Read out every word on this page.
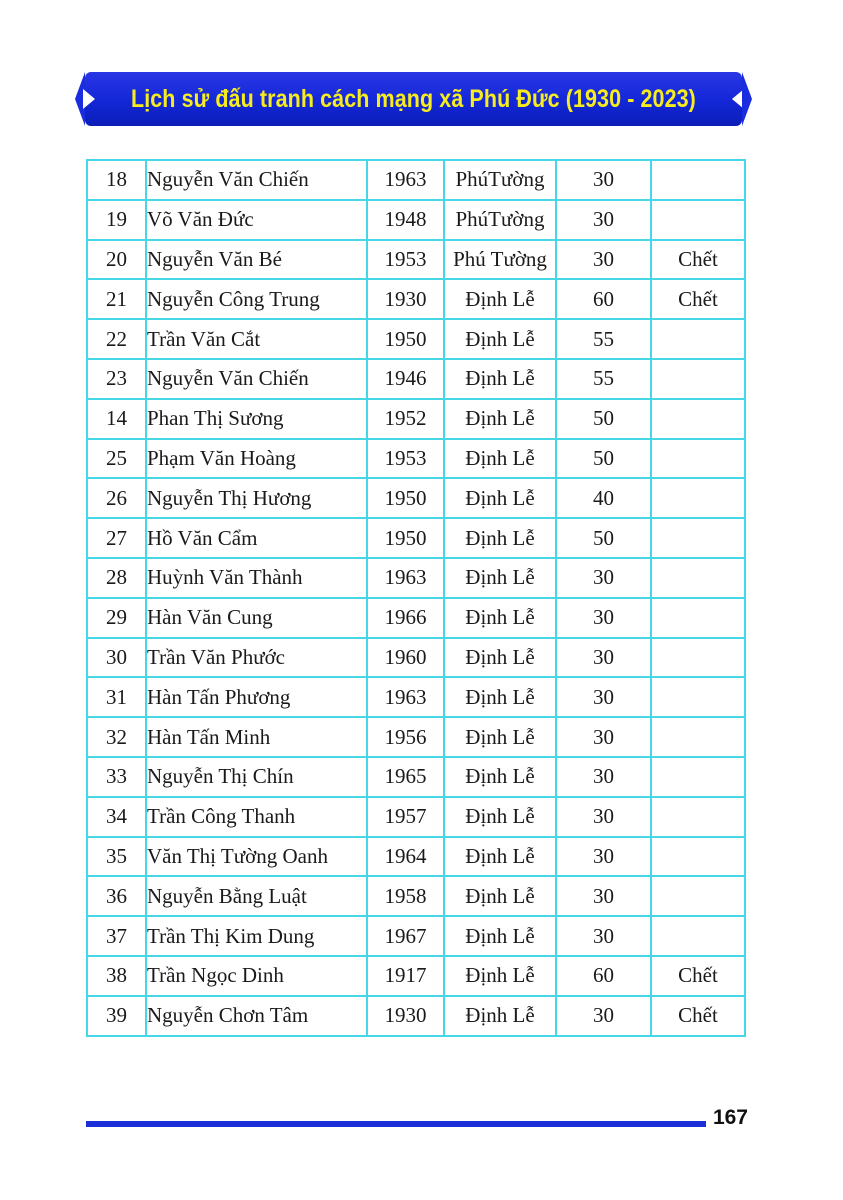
Lịch sử đấu tranh cách mạng xã Phú Đức (1930 - 2023)
18	Nguyễn Văn Chiến	1963	PhúTường	30	
19	Võ Văn Đức	1948	PhúTường	30	
20	Nguyễn Văn Bé	1953	Phú Tường	30	Chết
21	Nguyễn Công Trung	1930	Định Lễ	60	Chết
22	Trần Văn Cắt	1950	Định Lễ	55	
23	Nguyễn Văn Chiến	1946	Định Lễ	55	
14	Phan Thị Sương	1952	Định Lễ	50	
25	Phạm Văn Hoàng	1953	Định Lễ	50	
26	Nguyễn Thị Hương	1950	Định Lễ	40	
27	Hồ Văn Cẩm	1950	Định Lễ	50	
28	Huỳnh Văn Thành	1963	Định Lễ	30	
29	Hàn Văn Cung	1966	Định Lễ	30	
30	Trần Văn Phước	1960	Định Lễ	30	
31	Hàn Tấn Phương	1963	Định Lễ	30	
32	Hàn Tấn Minh	1956	Định Lễ	30	
33	Nguyễn Thị Chín	1965	Định Lễ	30	
34	Trần Công Thanh	1957	Định Lễ	30	
35	Văn Thị Tường Oanh	1964	Định Lễ	30	
36	Nguyễn Bằng Luật	1958	Định Lễ	30	
37	Trần Thị Kim Dung	1967	Định Lễ	30	
38	Trần Ngọc Dinh	1917	Định Lễ	60	Chết
39	Nguyễn Chơn Tâm	1930	Định Lễ	30	Chết
167
